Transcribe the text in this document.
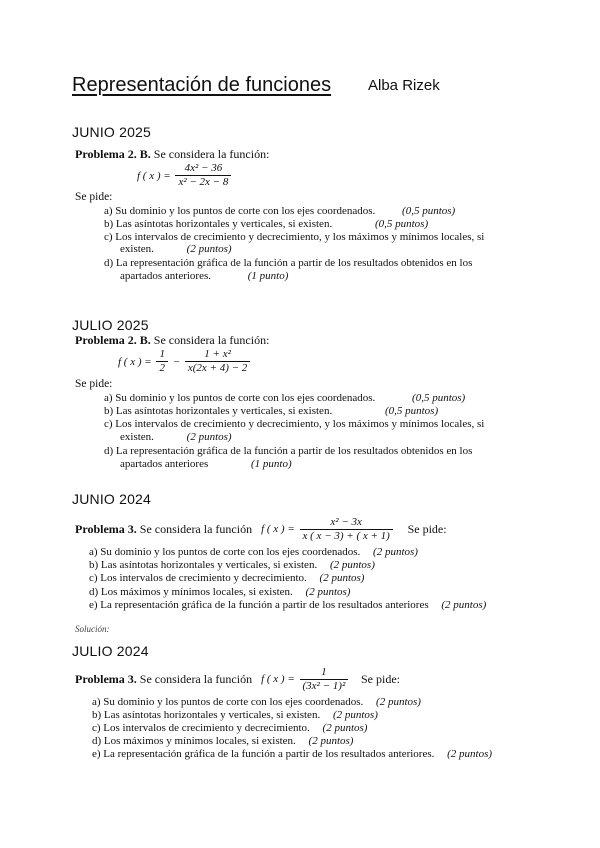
Representación de funciones Alba Rizek
JUNIO 2025
Problema 2. B. Se considera la función:
f ( x ) = $\frac{\text{4x² − 36}}{\text{x² − 2x − 8}}$
Se pide:
a) Su dominio y los puntos de corte con los ejes coordenados. (0,5 puntos)
b) Las asíntotas horizontales y verticales, si existen.	(0,5 puntos)
c) Los intervalos de crecimiento y decrecimiento, y los máximos y mínimos locales, si
existen.	(2 puntos)
d) La representación gráfica de la función a partir de los resultados obtenidos en los
apartados anteriores.	(1 punto)
JULIO 2025
Problema 2. B. Se considera la función:
f ( x ) = $\frac{1}{2} - \frac{\text{1 + x²}}{x(2x + 4) - 2}$
Se pide:
a) Su dominio y los puntos de corte con los ejes coordenados.	(0,5 puntos)
b) Las asíntotas horizontales y verticales, si existen.	(0,5 puntos)
c) Los intervalos de crecimiento y decrecimiento, y los máximos y mínimos locales, si
existen.	(2 puntos)
d) La representación gráfica de la función a partir de los resultados obtenidos en los
apartados anteriores	(1 punto)
JUNIO 2024
Problema 3. Se considera la función f ( x ) = $\frac{\text{x² − 3x}}{x ( x - 3) + ( x + 1)}$ Se pide:
a) Su dominio y los puntos de corte con los ejes coordenados. (2 puntos)
b) Las asíntotas horizontales y verticales, si existen. (2 puntos)
c) Los intervalos de crecimiento y decrecimiento. (2 puntos)
d) Los máximos y mínimos locales, si existen. (2 puntos)
e) La representación gráfica de la función a partir de los resultados anteriores (2 puntos)
Solución:
JULIO 2024
Problema 3. Se considera la función f ( x ) = $\frac{1}{\text{(3x² − 1)²}}$ Se pide:
a) Su dominio y los puntos de corte con los ejes coordenados. (2 puntos)
b) Las asíntotas horizontales y verticales, si existen. (2 puntos)
c) Los intervalos de crecimiento y decrecimiento. (2 puntos)
d) Los máximos y mínimos locales, si existen. (2 puntos)
e) La representación gráfica de la función a partir de los resultados anteriores. (2 puntos)
